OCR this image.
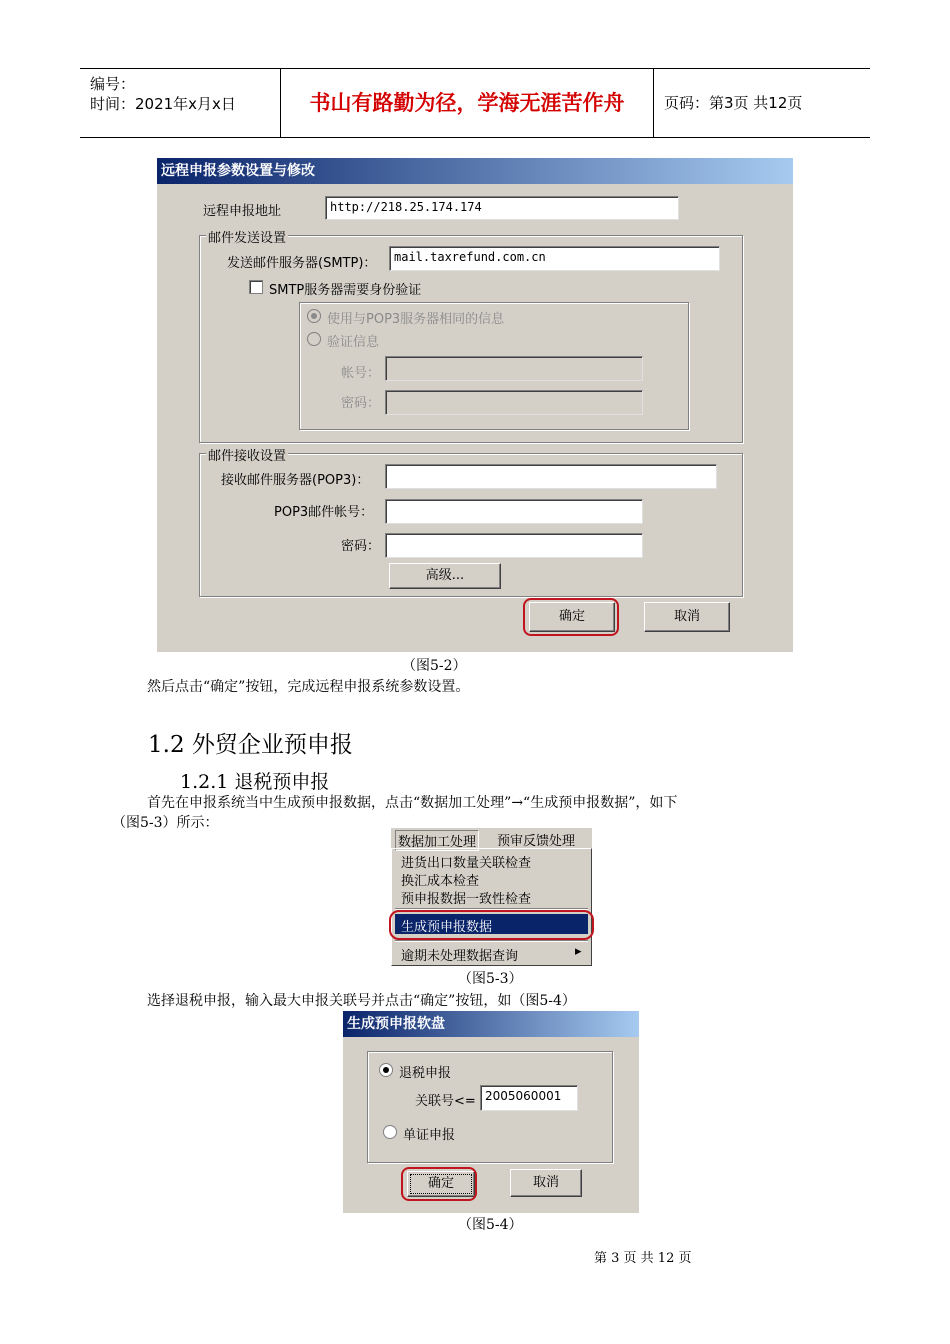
编号：
时间：2021年x月x日	书山有路勤为径，学海无涯苦作舟	页码：第3页 共12页
远程申报参数设置与修改
远程申报地址	http://218.25.174.174
邮件发送设置
发送邮件服务器(SMTP)：	mail.taxrefund.com.cn
SMTP服务器需要身份验证
使用与POP3服务器相同的信息
验证信息
帐号：
密码：
邮件接收设置
接收邮件服务器(POP3)：
POP3邮件帐号：
密码：
高级...
确定	取消
（图5-2）
然后点击“确定”按钮，完成远程申报系统参数设置。
1.2 外贸企业预申报
1.2.1 退税预申报
首先在申报系统当中生成预申报数据，点击“数据加工处理”→“生成预申报数据”，如下
（图5-3）所示：
数据加工处理 预审反馈处理
进货出口数量关联检查
换汇成本检查
预申报数据一致性检查
生成预申报数据
逾期未处理数据查询	▸
（图5-3）
选择退税申报，输入最大申报关联号并点击“确定”按钮，如（图5-4）
生成预申报软盘
退税申报
关联号<= 2005060001
单证申报
确定	取消
（图5-4）
第 3 页 共 12 页
